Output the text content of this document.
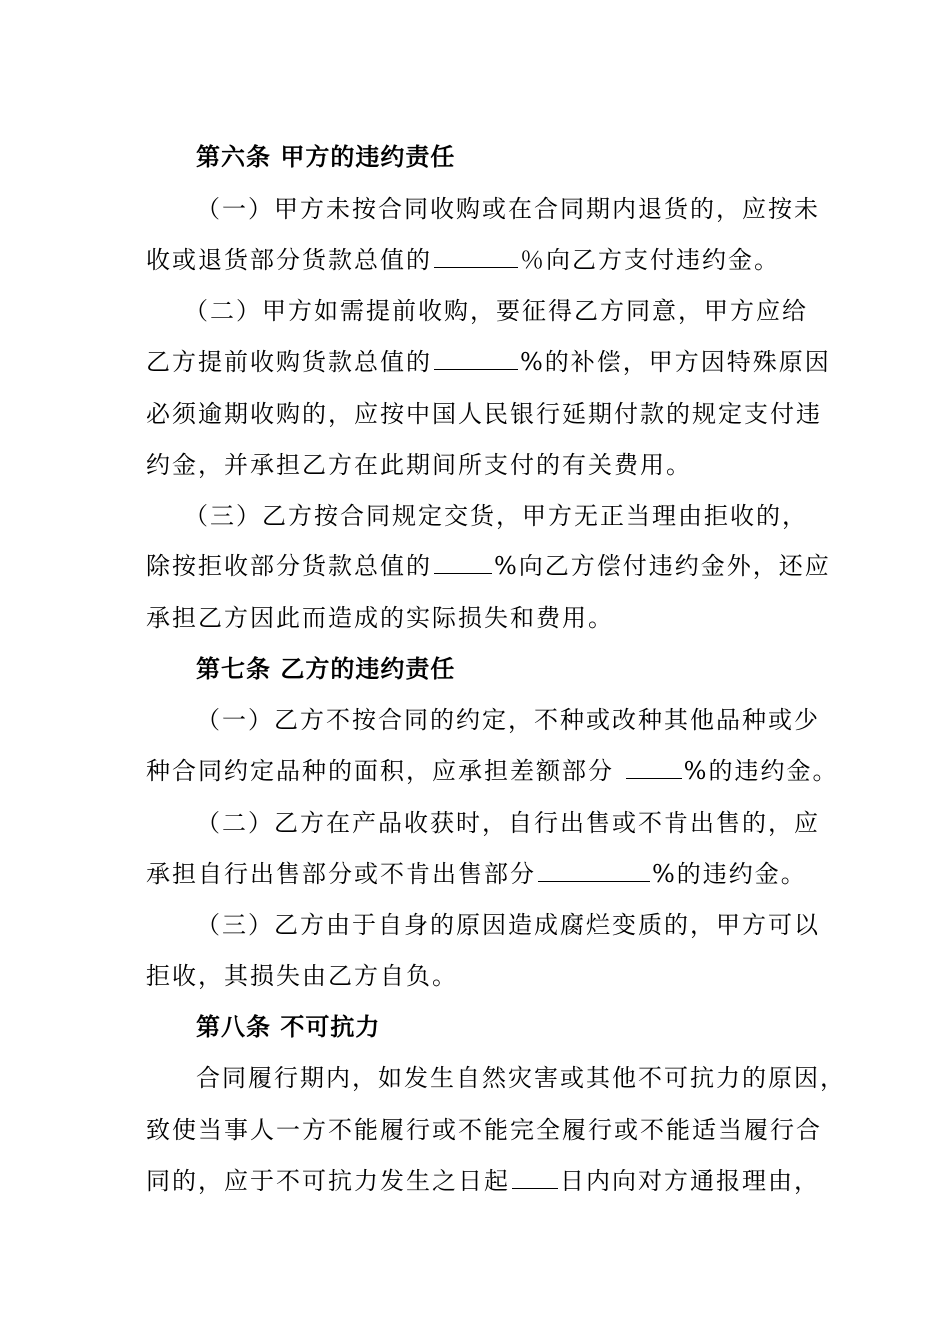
第六条 甲方的违约责任
（一）甲方未按合同收购或在合同期内退货的，应按未
收或退货部分货款总值的	％向乙方支付违约金。
（二）甲方如需提前收购，要征得乙方同意，甲方应给
乙方提前收购货款总值的	%的补偿，甲方因特殊原因
必须逾期收购的，应按中国人民银行延期付款的规定支付违
约金，并承担乙方在此期间所支付的有关费用。
（三）乙方按合同规定交货，甲方无正当理由拒收的，
除按拒收部分货款总值的	%向乙方偿付违约金外，还应
承担乙方因此而造成的实际损失和费用。
第七条 乙方的违约责任
（一）乙方不按合同的约定，不种或改种其他品种或少
种合同约定品种的面积，应承担差额部分	%的违约金。
（二）乙方在产品收获时，自行出售或不肯出售的，应
承担自行出售部分或不肯出售部分	%的违约金。
（三）乙方由于自身的原因造成腐烂变质的，甲方可以
拒收，其损失由乙方自负。
第八条 不可抗力
合同履行期内，如发生自然灾害或其他不可抗力的原因，
致使当事人一方不能履行或不能完全履行或不能适当履行合
同的，应于不可抗力发生之日起 日内向对方通报理由，
